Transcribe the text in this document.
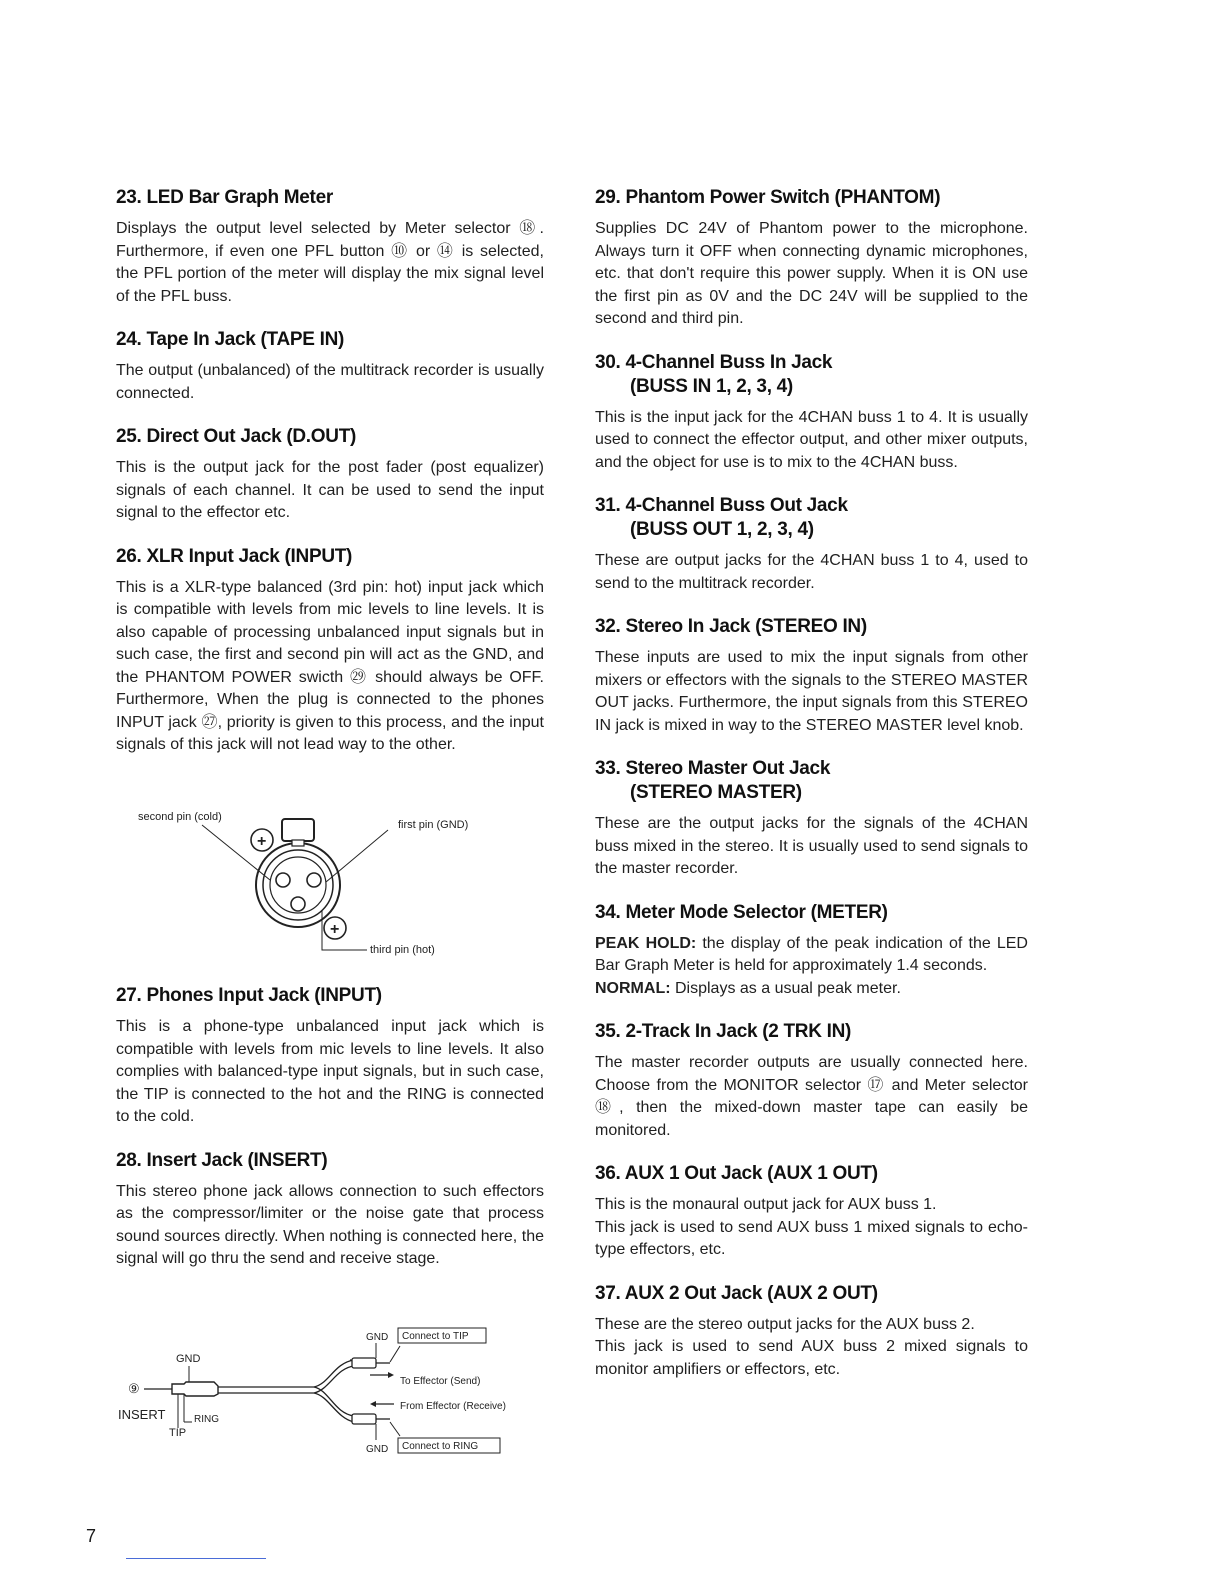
23. LED Bar Graph Meter

Displays the output level selected by Meter selector ⑱. Furthermore, if even one PFL button ⑩ or ⑭ is selected, the PFL portion of the meter will display the mix signal level of the PFL buss.

24. Tape In Jack (TAPE IN)

The output (unbalanced) of the multitrack recorder is usually connected.

25. Direct Out Jack (D.OUT)

This is the output jack for the post fader (post equalizer) signals of each channel. It can be used to send the input signal to the effector etc.

26. XLR Input Jack (INPUT)

This is a XLR-type balanced (3rd pin: hot) input jack which is compatible with levels from mic levels to line levels. It is also capable of processing unbalanced input signals but in such case, the first and second pin will act as the GND, and the PHANTOM POWER swicth ㉙ should always be OFF. Furthermore, When the plug is connected to the phones INPUT jack ㉗, priority is given to this process, and the input signals of this jack will not lead way to the other.

second pin (cold)
first pin (GND)
third pin (hot)
+
+
27. Phones Input Jack (INPUT)

This is a phone-type unbalanced input jack which is compatible with levels from mic levels to line levels. It also complies with balanced-type input signals, but in such case, the TIP is connected to the hot and the RING is connected to the cold.

28. Insert Jack (INSERT)

This stereo phone jack allows connection to such effectors as the compressor/limiter or the noise gate that process sound sources directly. When nothing is connected here, the signal will go thru the send and receive stage.

GND
INSERT	RING
TIP
⑨
GND Connect to TIP
To Effector (Send)
From Effector (Receive)
GND Connect to RING
29. Phantom Power Switch (PHANTOM)

Supplies DC 24V of Phantom power to the microphone. Always turn it OFF when connecting dynamic microphones, etc. that don't require this power supply. When it is ON use the first pin as 0V and the DC 24V will be supplied to the second and third pin.

30. 4-Channel Buss In Jack
(BUSS IN 1, 2, 3, 4)

This is the input jack for the 4CHAN buss 1 to 4. It is usually used to connect the effector output, and other mixer outputs, and the object for use is to mix to the 4CHAN buss.

31. 4-Channel Buss Out Jack
(BUSS OUT 1, 2, 3, 4)

These are output jacks for the 4CHAN buss 1 to 4, used to send to the multitrack recorder.

32. Stereo In Jack (STEREO IN)

These inputs are used to mix the input signals from other mixers or effectors with the signals to the STEREO MASTER OUT jacks. Furthermore, the input signals from this STEREO IN jack is mixed in way to the STEREO MASTER level knob.

33. Stereo Master Out Jack
(STEREO MASTER)

These are the output jacks for the signals of the 4CHAN buss mixed in the stereo. It is usually used to send signals to the master recorder.

34. Meter Mode Selector (METER)

PEAK HOLD: the display of the peak indication of the LED Bar Graph Meter is held for approximately 1.4 seconds.

NORMAL: Displays as a usual peak meter.

35. 2-Track In Jack (2 TRK IN)

The master recorder outputs are usually connected here. Choose from the MONITOR selector ⑰ and Meter selector ⑱, then the mixed-down master tape can easily be monitored.

36. AUX 1 Out Jack (AUX 1 OUT)

This is the monaural output jack for AUX buss 1.

This jack is used to send AUX buss 1 mixed signals to echo-type effectors, etc.

37. AUX 2 Out Jack (AUX 2 OUT)

These are the stereo output jacks for the AUX buss 2.

This jack is used to send AUX buss 2 mixed signals to monitor amplifiers or effectors, etc.

7
